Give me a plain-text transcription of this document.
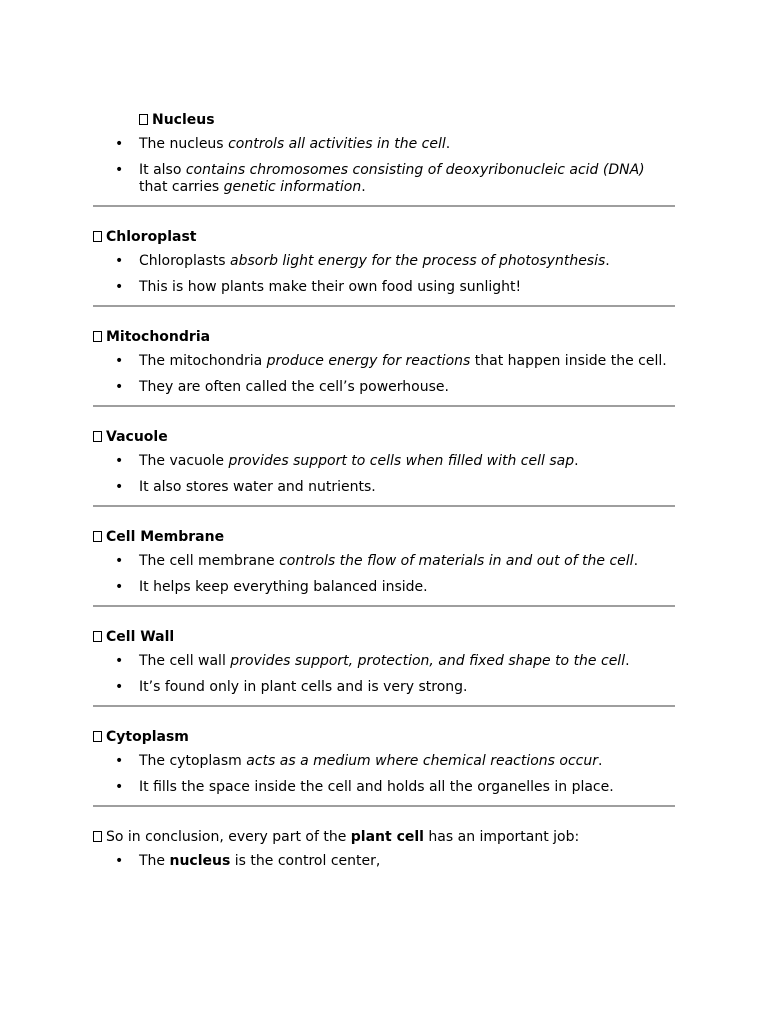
Nucleus
• The nucleus controls all activities in the cell.
• It also contains chromosomes consisting of deoxyribonucleic acid (DNA) that carries genetic information.
Chloroplast
• Chloroplasts absorb light energy for the process of photosynthesis.
• This is how plants make their own food using sunlight!
Mitochondria
• The mitochondria produce energy for reactions that happen inside the cell.
• They are often called the cell’s powerhouse.
Vacuole
• The vacuole provides support to cells when filled with cell sap.
• It also stores water and nutrients.
Cell Membrane
• The cell membrane controls the flow of materials in and out of the cell.
• It helps keep everything balanced inside.
Cell Wall
• The cell wall provides support, protection, and fixed shape to the cell.
• It’s found only in plant cells and is very strong.
Cytoplasm
• The cytoplasm acts as a medium where chemical reactions occur.
• It fills the space inside the cell and holds all the organelles in place.
So in conclusion, every part of the plant cell has an important job:
• The nucleus is the control center,
